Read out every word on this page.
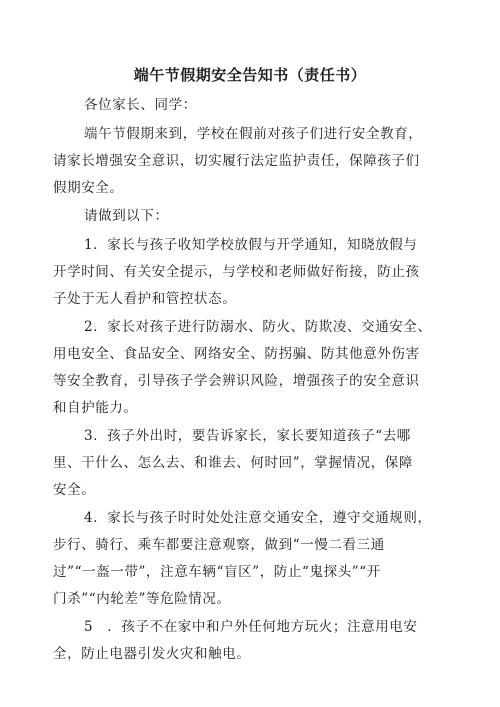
端午节假期安全告知书（责任书）
各位家长、同学：
端午节假期来到，学校在假前对孩子们进行安全教育，
请家长增强安全意识，切实履行法定监护责任，保障孩子们
假期安全。
请做到以下：
1．家长与孩子收知学校放假与开学通知，知晓放假与
开学时间、有关安全提示，与学校和老师做好衔接，防止孩
子处于无人看护和管控状态。
2．家长对孩子进行防溺水、防火、防欺凌、交通安全、
用电安全、食品安全、网络安全、防拐骗、防其他意外伤害
等安全教育，引导孩子学会辨识风险，增强孩子的安全意识
和自护能力。
3．孩子外出时，要告诉家长，家长要知道孩子“去哪
里、干什么、怎么去、和谁去、何时回”，掌握情况，保障
安全。
4．家长与孩子时时处处注意交通安全，遵守交通规则，
步行、骑行、乘车都要注意观察，做到“一慢二看三通
过”“一盔一带”，注意车辆“盲区”，防止“鬼探头”“开
门杀”“内轮差”等危险情况。
5　．孩子不在家中和户外任何地方玩火；注意用电安
全，防止电器引发火灾和触电。
